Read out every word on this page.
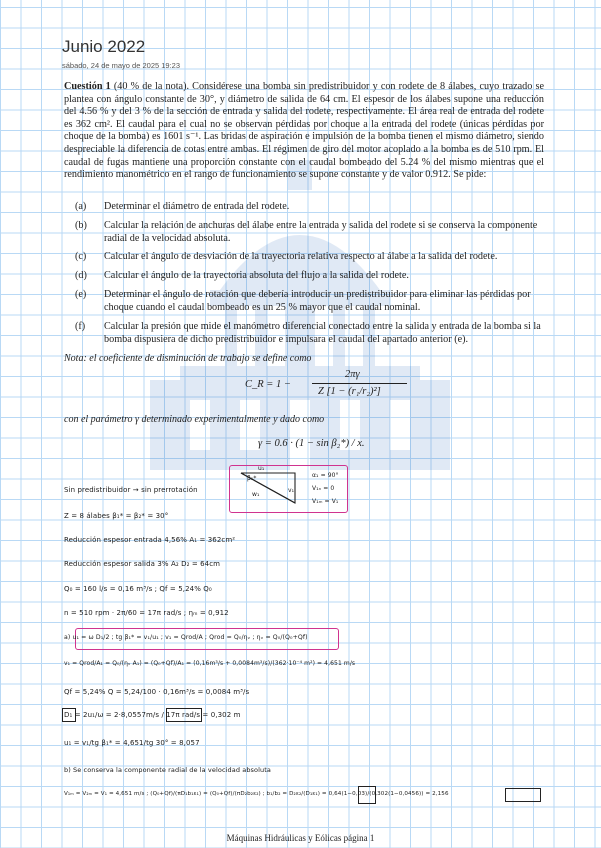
Junio 2022
sábado, 24 de mayo de 2025 19:23
Cuestión 1 (40 % de la nota). Considérese una bomba sin predistribuidor y con rodete de 8 álabes, cuyo trazado se plantea con ángulo constante de 30°, y diámetro de salida de 64 cm. El espesor de los álabes supone una reducción del 4.56 % y del 3 % de la sección de entrada y salida del rodete, respectivamente. El área real de entrada del rodete es 362 cm². El caudal para el cual no se observan pérdidas por choque a la entrada del rodete (únicas pérdidas por choque de la bomba) es 1601 s⁻¹. Las bridas de aspiración e impulsión de la bomba tienen el mismo diámetro, siendo despreciable la diferencia de cotas entre ambas. El régimen de giro del motor acoplado a la bomba es de 510 rpm. El caudal de fugas mantiene una proporción constante con el caudal bombeado del 5.24 % del mismo mientras que el rendimiento manométrico en el rango de funcionamiento se supone constante y de valor 0.912. Se pide:
(a) Determinar el diámetro de entrada del rodete.
(b) Calcular la relación de anchuras del álabe entre la entrada y salida del rodete si se conserva la componente radial de la velocidad absoluta.
(c) Calcular el ángulo de desviación de la trayectoria relativa respecto al álabe a la salida del rodete.
(d) Calcular el ángulo de la trayectoria absoluta del flujo a la salida del rodete.
(e) Determinar el ángulo de rotación que debería introducir un predistribuidor para eliminar las pérdidas por choque cuando el caudal bombeado es un 25 % mayor que el caudal nominal.
(f) Calcular la presión que mide el manómetro diferencial conectado entre la salida y entrada de la bomba si la bomba dispusiera de dicho predistribuidor e impulsara el caudal del apartado anterior (e).
Nota: el coeficiente de disminución de trabajo se define como
C_R = 1 −
2πγ
Z [1 − (r₁/r₂)²]
con el parámetro γ determinado experimentalmente y dado como
γ = 0.6 · (1 − sin β₂*) / x.
Sin predistribuidor → sin prerrotación
u₁
β₁*
v₁
w₁
α₁ = 90°
V₁ₙ = 0
V₁ₘ = V₁
Z = 8 álabes β₁* = β₂* = 30°
Reducción espesor entrada 4,56% A₁ = 362cm²
Reducción espesor salida 3% A₂ D₂ = 64cm
Q₀ = 160 l/s = 0,16 m³/s ; Qf = 5,24% Q₀
n = 510 rpm · 2π/60 = 17π rad/s ; ηₘ = 0,912
a) u₁ = ω D₁/2 ; tg β₁* = v₁/u₁ ; v₁ = Qrod/A ; Qrod = Q₀/ηᵥ ; ηᵥ = Q₀/(Q₀+Qf)
v₁ = Qrod/A₁ = Q₀/(ηᵥ A₁) = (Q₀+Qf)/A₁ = (0,16m³/s + 0,0084m³/s)/(362·10⁻⁴ m²) = 4,651 m/s
Qf = 5,24% Q = 5,24/100 · 0,16m³/s = 0,0084 m³/s
D₁ = 2u₁/ω = 2·8,0557m/s / 17π rad/s = 0,302 m
u₁ = v₁/tg β₁* = 4,651/tg 30° = 8,057
b) Se conserva la componente radial de la velocidad absoluta
V₁ₘ = V₂ₘ = V₁ = 4,651 m/s ; (Q₀+Qf)/(πD₁b₁ε₁) = (Q₀+Qf)/(πD₂b₂ε₂) ; b₁/b₂ = D₂ε₂/(D₁ε₁) = 0,64(1−0,03)/(0,302(1−0,0456)) = 2,156
Máquinas Hidráulicas y Eólicas página 1
